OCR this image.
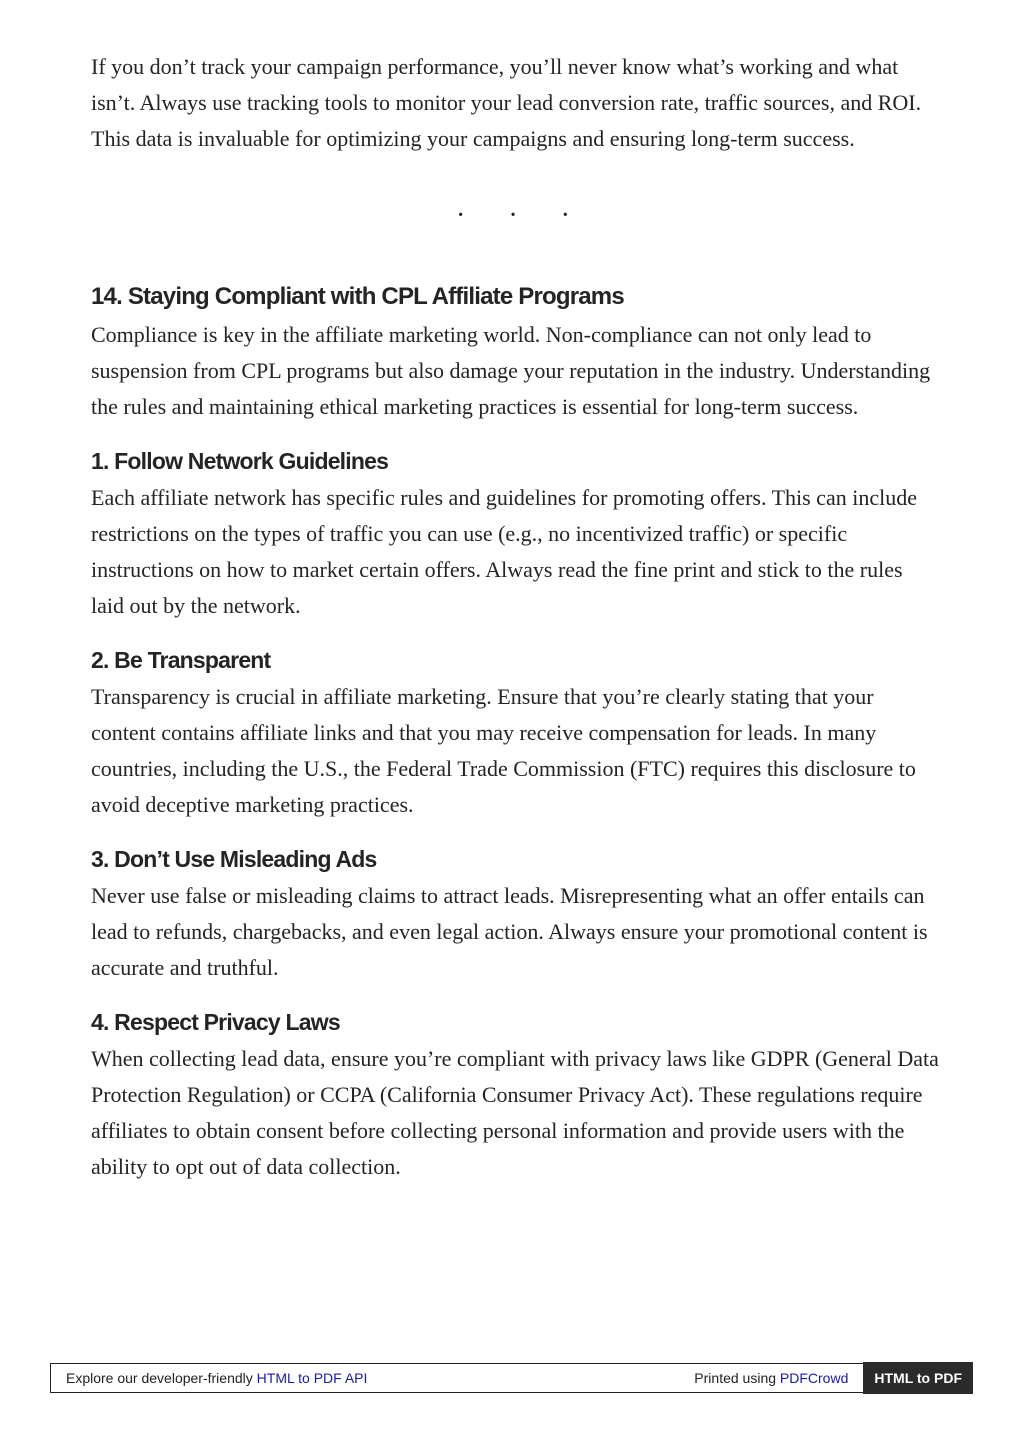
If you don’t track your campaign performance, you’ll never know what’s working and what isn’t. Always use tracking tools to monitor your lead conversion rate, traffic sources, and ROI. This data is invaluable for optimizing your campaigns and ensuring long-term success.

· · ·
14. Staying Compliant with CPL Affiliate Programs

Compliance is key in the affiliate marketing world. Non-compliance can not only lead to suspension from CPL programs but also damage your reputation in the industry. Understanding the rules and maintaining ethical marketing practices is essential for long-term success.

1. Follow Network Guidelines

Each affiliate network has specific rules and guidelines for promoting offers. This can include restrictions on the types of traffic you can use (e.g., no incentivized traffic) or specific instructions on how to market certain offers. Always read the fine print and stick to the rules laid out by the network.

2. Be Transparent

Transparency is crucial in affiliate marketing. Ensure that you’re clearly stating that your content contains affiliate links and that you may receive compensation for leads. In many countries, including the U.S., the Federal Trade Commission (FTC) requires this disclosure to avoid deceptive marketing practices.

3. Don’t Use Misleading Ads

Never use false or misleading claims to attract leads. Misrepresenting what an offer entails can lead to refunds, chargebacks, and even legal action. Always ensure your promotional content is accurate and truthful.

4. Respect Privacy Laws

When collecting lead data, ensure you’re compliant with privacy laws like GDPR (General Data Protection Regulation) or CCPA (California Consumer Privacy Act). These regulations require affiliates to obtain consent before collecting personal information and provide users with the ability to opt out of data collection.

Explore our developer-friendly HTML to PDF API	Printed using PDFCrowd	HTML to PDF
